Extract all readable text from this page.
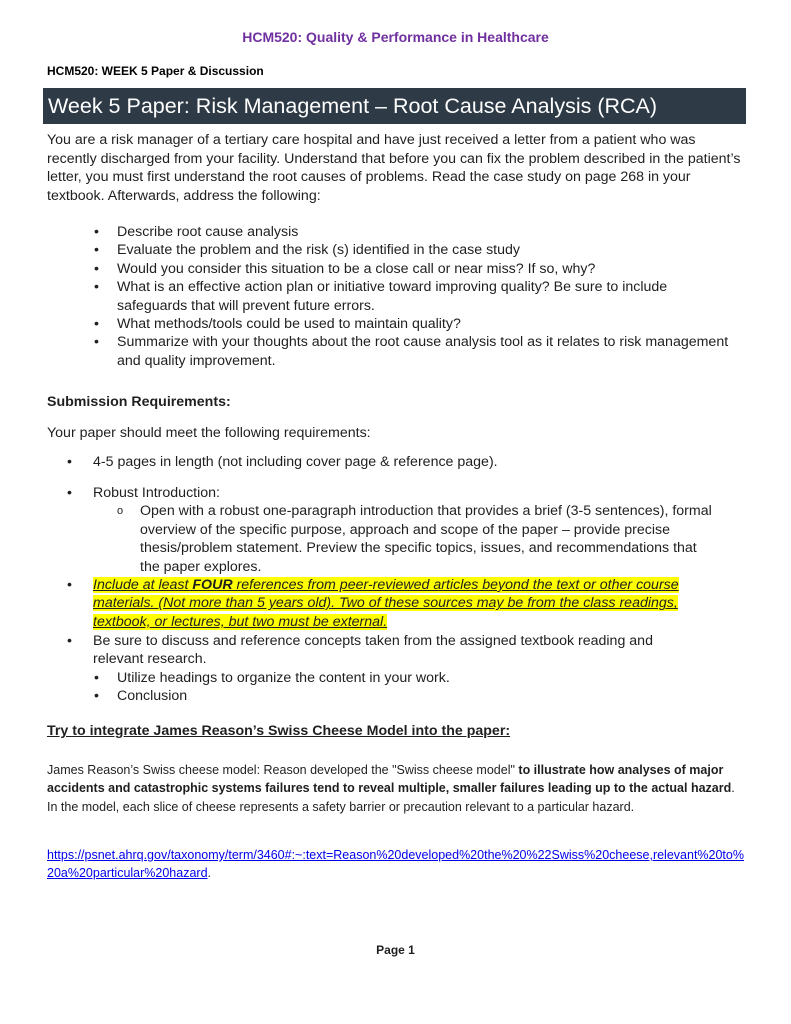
HCM520: Quality & Performance in Healthcare
HCM520: WEEK 5 Paper & Discussion
Week 5 Paper: Risk Management – Root Cause Analysis (RCA)

You are a risk manager of a tertiary care hospital and have just received a letter from a patient who was recently discharged from your facility. Understand that before you can fix the problem described in the patient’s letter, you must first understand the root causes of problems. Read the case study on page 268 in your textbook. Afterwards, address the following:

• Describe root cause analysis
• Evaluate the problem and the risk (s) identified in the case study
• Would you consider this situation to be a close call or near miss? If so, why?
• What is an effective action plan or initiative toward improving quality? Be sure to include safeguards that will prevent future errors.
• What methods/tools could be used to maintain quality?
• Summarize with your thoughts about the root cause analysis tool as it relates to risk management and quality improvement.
Submission Requirements:
Your paper should meet the following requirements:
• 4-5 pages in length (not including cover page & reference page).
• Robust Introduction:
o Open with a robust one-paragraph introduction that provides a brief (3-5 sentences), formal overview of the specific purpose, approach and scope of the paper – provide precise thesis/problem statement. Preview the specific topics, issues, and recommendations that the paper explores.
• Include at least FOUR references from peer-reviewed articles beyond the text or other course materials. (Not more than 5 years old). Two of these sources may be from the class readings, textbook, or lectures, but two must be external.
• Be sure to discuss and reference concepts taken from the assigned textbook reading and relevant research.
• Utilize headings to organize the content in your work.
• Conclusion
Try to integrate James Reason’s Swiss Cheese Model into the paper:

James Reason’s Swiss cheese model: Reason developed the "Swiss cheese model" to illustrate how analyses of major accidents and catastrophic systems failures tend to reveal multiple, smaller failures leading up to the actual hazard. In the model, each slice of cheese represents a safety barrier or precaution relevant to a particular hazard.

https://psnet.ahrq.gov/taxonomy/term/3460#:~:text=Reason%20developed%20the%20%22Swiss%20cheese,relevant%20to%20a%20particular%20hazard.

Page 1
